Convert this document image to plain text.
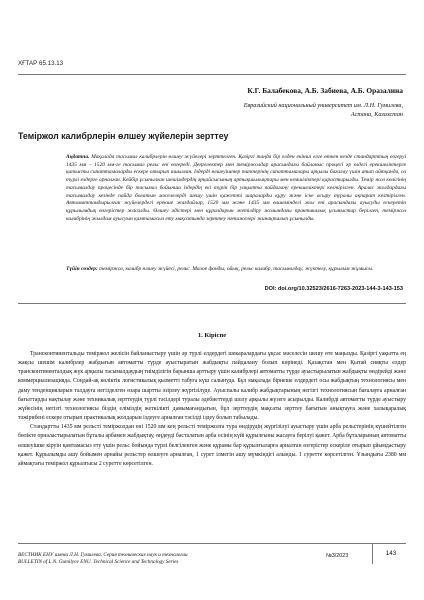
ХҒТАР 65.13.13
К.Г. Балабекова, А.Б. Забиева, А.Б. Оразалина
Евразийский национальный университет им. Л.Н. Гумилева,
Астана, Казахстан
Теміржол калибрлерін өлшеу жүйелерін зерттеу
Аңдатпа. Мақалада тасымал калибрлерін өлшеу жүйелері зерттелген. Қазіргі таңда бір елден екінші елге өткен кезде стандарттың өзгеруі 1435 мм – 1520 мм-ге тасымал рельс ені өзгереді. Деңгелектер мен теміржолдар арасындағы байланыс процесі әр елдегі ерекшеліктерге қатысты сипаттамаларды ескере отырып ашылған. Іздерді өлшеуіштер типтерінің сипаттамалары арқылы бағалау үшін атап айтқанда, ол түрлі елдерге арналған. Кейбір ұсынылған шешімдердің әрқайсысының артықшылықтары мен кемшіліктері қарастырылды. Темір жол көлігінің тасымалдау процесінде бір тасымал бойынша іздердің екі түрін бір уақытта пайдалану ерекшеліктері келтірілген. Аралас жолдардағы тасымалдау кезінде пайда болатын мәселелерді шешу үшін қажетті шараларды құру және іске асыру туралы ақпарат келтірілген. Автоматтандырылған жүйелердегі ерекше жағдайлар, 1520 мм және 1435 мм өлшеміндегі жол ені арасындағы ауысуды ескеретін құрылымдық өзгерістер жасалды. Өлшеу әдістері мен құралдарын жетілдіру жолындағы практикалық ұсыныстар берілген, теміржол калибрінің жылдам ауысуын қамтамасыз ету мақсатында зерттеу нәтижелері жинақталып ұсынылды.
Түйін сөздер: теміржол, калибр өлшеу жүйесі, рельс. Малое фонды, ойық, рельс калибр, тасымалдау, жүктелу, құрылым жұмысы.
DOI: doi.org/10.32523/2616-7263-2023-144-3-143-153
1. Кіріспе

Трансконтинентальды теміржол желісін байланыстыру үшін әр түрлі елдердегі шекаралардағы ұқсас мәселесін шешу өте маңызды. Қазіргі уақытта ең жақсы шешім калибрлер жабдығын автоматты түрде ауыстыратын жабдықты пайдалану болып көрінеді. Қазақстан мен Қытай сияқты елдер трансконтиненталдық жүк арқылы тасымалдаудың тиімділігін барынша арттыру үшін калибрлері автоматты түрде ауыстырылатын жабдықты өндірейді және коммерциализацияда. Соңдай-ақ көліктік логистикалық қызметті табуға күш салынуда. Бұл мақалада бірнеше елдердегі осы жабдықтың технологиясы мен даму тенденцияларын талдауға негізделген өзара шартты әзірлеу жүргізілуде. Ауыспалы калибр жабдықтарының негізгі технологиясын бағалауға арналған бағыттарды нақтылау және техникалық зерттеудің түрлі тәсілдері туралы әдебиеттерді шолу арқылы жүзеге асырылды. Калибрді автоматты түрде ауыстыру жүйесінің негізгі технологиясы біздің еліміздің жеткілікті дамымағандығын, бұл зерттеудің мақсаты зерттеу бағытын анықтауға және халықаралық тәжірибені ескере отырып практикалық жолдарын іздеуге арналған тәсілді іздеу болып табылады.

Стандартты 1435 мм рельсті теміржолдан ені 1520 мм кең рельсті теміржолға тура өндірудің жүргізілуі ауыстыру үшін арба рельстерінің күшейтілген бөлікте орналастырылатын бұталы арбамен жабдықтау, өңдеуді басталатын арба осінің күйі құрылғыны жасауға берілуі қажет. Арба бұталарының автоматты өлшеуішке кіруін қамтамасыз ету үшін рельс бойында түрлі белгіленген және құрамы бар құрылғыларға арналған өзгерістер ескеріле отырып ұйымдастыру қажет. Құрылымды ашу бойымен арнайы рельстер өлшеуге арналған, 1 сурет ілмегін ашу мүмкіндігі алынды. 1 суретте көрсетілген. Ұзындығы 2380 мм аймақтағы теміржол құрылғысы 2 суретте көрсетілген.

ВЕСТНИК ЕНУ имени Л.Н. Гумилева. Серия технических наук и технологии
BULLETIN of L.N. Gumilyov ENU. Technical Science and Technology Series
№3/2023	143
